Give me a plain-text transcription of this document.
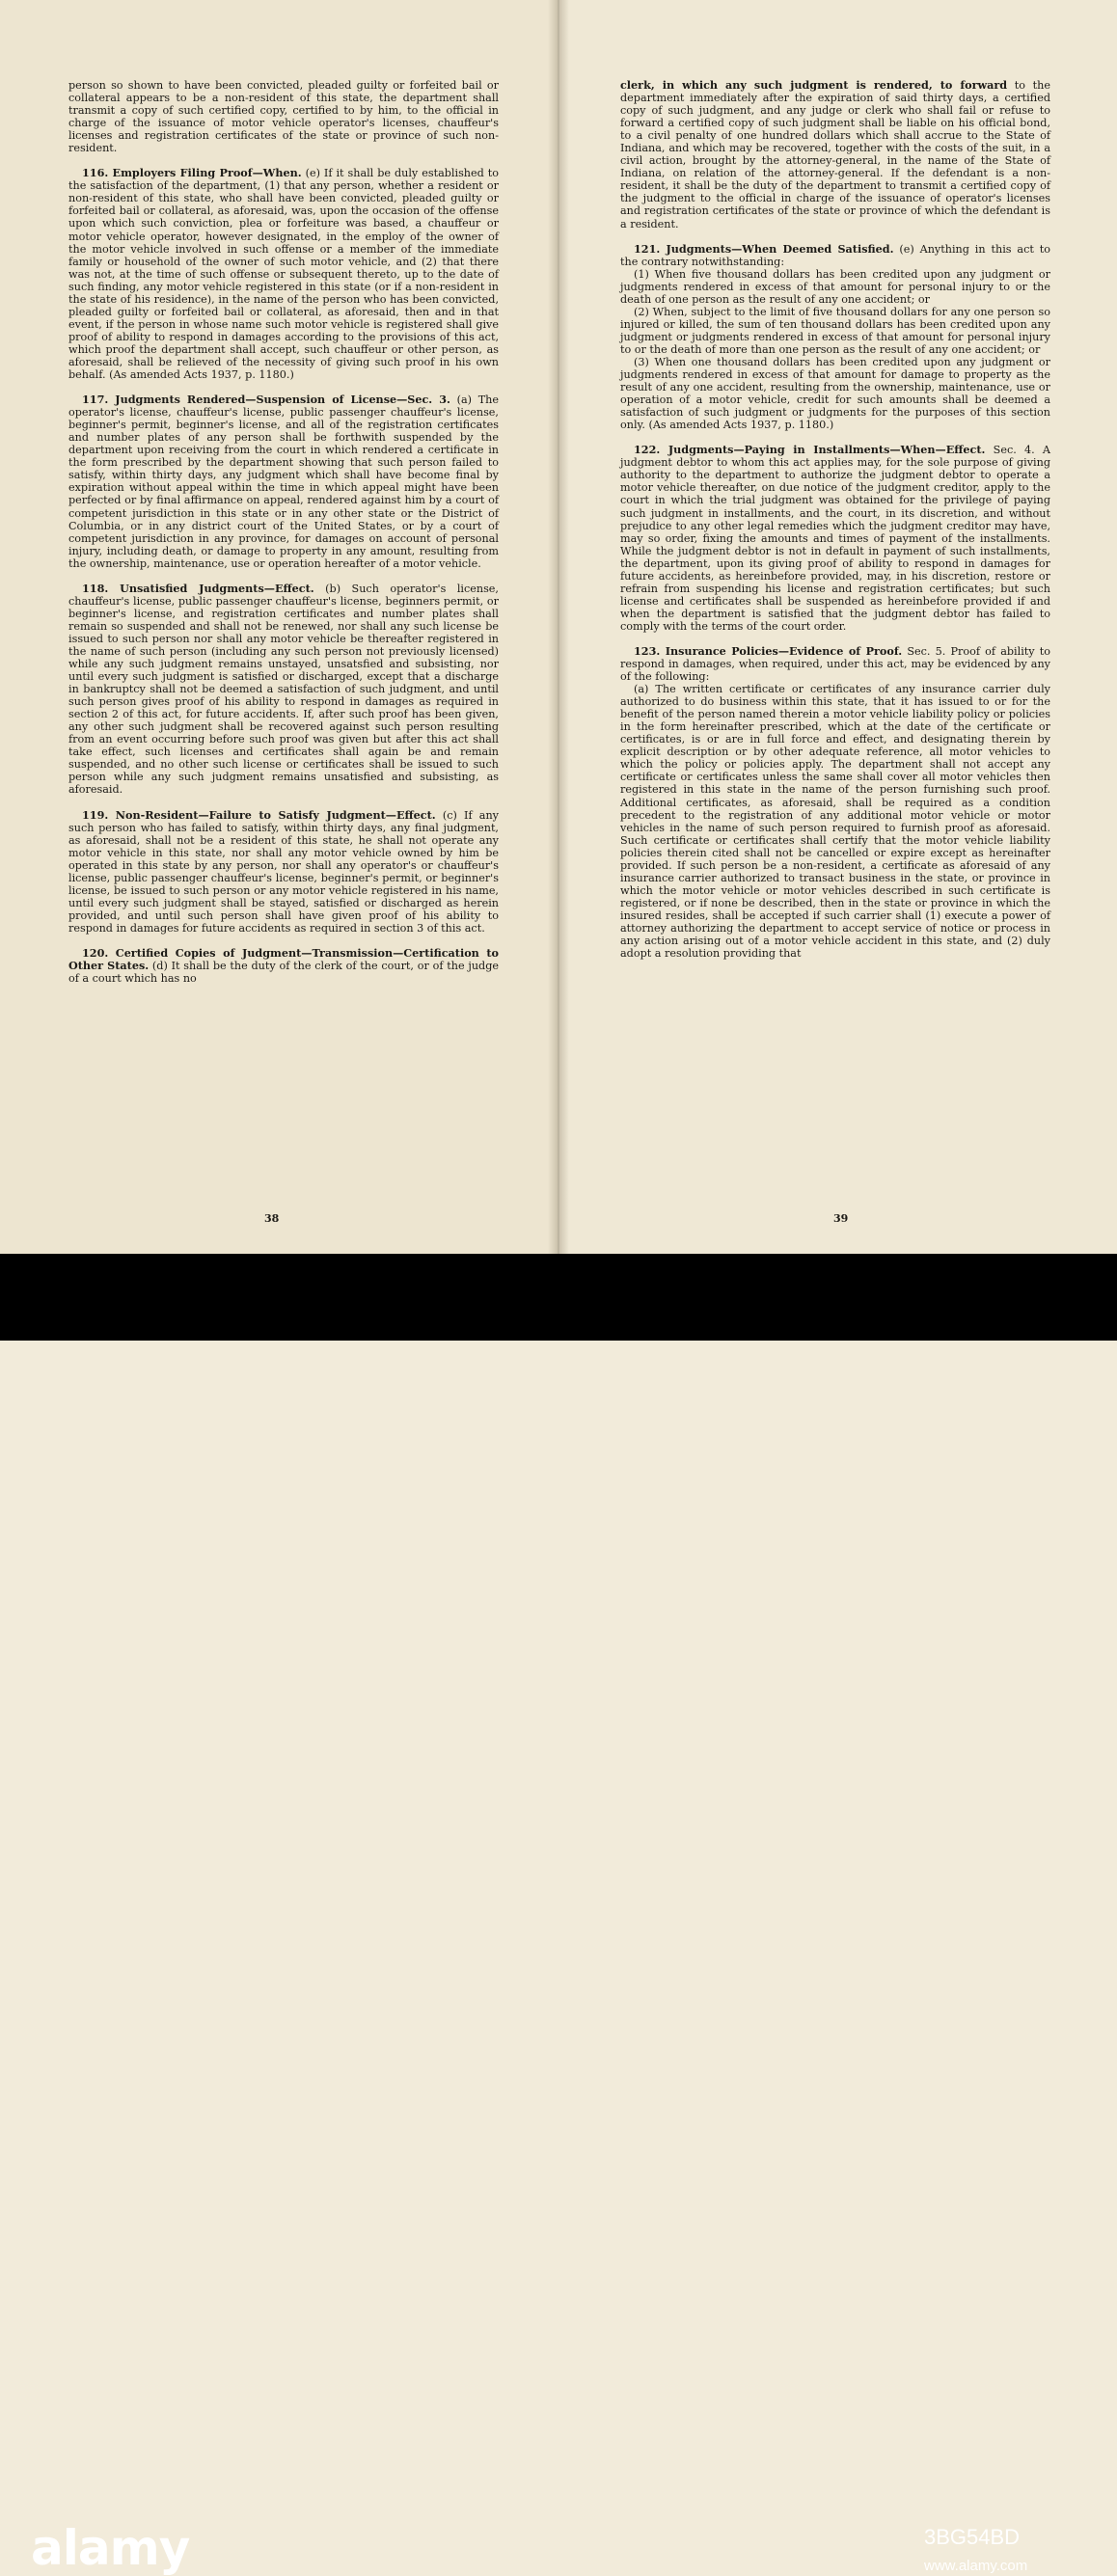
person so shown to have been convicted, pleaded guilty or forfeited bail or collateral appears to be a non-resident of this state, the department shall transmit a copy of such certified copy, certified to by him, to the official in charge of the issuance of motor vehicle operator's licenses, chauffeur's licenses and registration certificates of the state or province of such non-resident.

116. Employers Filing Proof—When. (e) If it shall be duly established to the satisfaction of the department, (1) that any person, whether a resident or non-resident of this state, who shall have been convicted, pleaded guilty or forfeited bail or collateral, as aforesaid, was, upon the occasion of the offense upon which such conviction, plea or forfeiture was based, a chauffeur or motor vehicle operator, however designated, in the employ of the owner of the motor vehicle involved in such offense or a member of the immediate family or household of the owner of such motor vehicle, and (2) that there was not, at the time of such offense or subsequent thereto, up to the date of such finding, any motor vehicle registered in this state (or if a non-resident in the state of his residence), in the name of the person who has been convicted, pleaded guilty or forfeited bail or collateral, as aforesaid, then and in that event, if the person in whose name such motor vehicle is registered shall give proof of ability to respond in damages according to the provisions of this act, which proof the department shall accept, such chauffeur or other person, as aforesaid, shall be relieved of the necessity of giving such proof in his own behalf. (As amended Acts 1937, p. 1180.)

117. Judgments Rendered—Suspension of License—Sec. 3. (a) The operator's license, chauffeur's license, public passenger chauffeur's license, beginner's permit, beginner's license, and all of the registration certificates and number plates of any person shall be forthwith suspended by the department upon receiving from the court in which rendered a certificate in the form prescribed by the department showing that such person failed to satisfy, within thirty days, any judgment which shall have become final by expiration without appeal within the time in which appeal might have been perfected or by final affirmance on appeal, rendered against him by a court of competent jurisdiction in this state or in any other state or the District of Columbia, or in any district court of the United States, or by a court of competent jurisdiction in any province, for damages on account of personal injury, including death, or damage to property in any amount, resulting from the ownership, maintenance, use or operation hereafter of a motor vehicle.

118. Unsatisfied Judgments—Effect. (b) Such operator's license, chauffeur's license, public passenger chauffeur's license, beginners permit, or beginner's license, and registration certificates and number plates shall remain so suspended and shall not be renewed, nor shall any such license be issued to such person nor shall any motor vehicle be thereafter registered in the name of such person (including any such person not previously licensed) while any such judgment remains unstayed, unsatsfied and subsisting, nor until every such judgment is satisfied or discharged, except that a discharge in bankruptcy shall not be deemed a satisfaction of such judgment, and until such person gives proof of his ability to respond in damages as required in section 2 of this act, for future accidents. If, after such proof has been given, any other such judgment shall be recovered against such person resulting from an event occurring before such proof was given but after this act shall take effect, such licenses and certificates shall again be and remain suspended, and no other such license or certificates shall be issued to such person while any such judgment remains unsatisfied and subsisting, as aforesaid.

119. Non-Resident—Failure to Satisfy Judgment—Effect. (c) If any such person who has failed to satisfy, within thirty days, any final judgment, as aforesaid, shall not be a resident of this state, he shall not operate any motor vehicle in this state, nor shall any motor vehicle owned by him be operated in this state by any person, nor shall any operator's or chauffeur's license, public passenger chauffeur's license, beginner's permit, or beginner's license, be issued to such person or any motor vehicle registered in his name, until every such judgment shall be stayed, satisfied or discharged as herein provided, and until such person shall have given proof of his ability to respond in damages for future accidents as required in section 3 of this act.

120. Certified Copies of Judgment—Transmission—Certification to Other States. (d) It shall be the duty of the clerk of the court, or of the judge of a court which has no

38

clerk, in which any such judgment is rendered, to forward to the department immediately after the expiration of said thirty days, a certified copy of such judgment, and any judge or clerk who shall fail or refuse to forward a certified copy of such judgment shall be liable on his official bond, to a civil penalty of one hundred dollars which shall accrue to the State of Indiana, and which may be recovered, together with the costs of the suit, in a civil action, brought by the attorney-general, in the name of the State of Indiana, on relation of the attorney-general. If the defendant is a non-resident, it shall be the duty of the department to transmit a certified copy of the judgment to the official in charge of the issuance of operator's licenses and registration certificates of the state or province of which the defendant is a resident.

121. Judgments—When Deemed Satisfied. (e) Anything in this act to the contrary notwithstanding:

(1) When five thousand dollars has been credited upon any judgment or judgments rendered in excess of that amount for personal injury to or the death of one person as the result of any one accident; or

(2) When, subject to the limit of five thousand dollars for any one person so injured or killed, the sum of ten thousand dollars has been credited upon any judgment or judgments rendered in excess of that amount for personal injury to or the death of more than one person as the result of any one accident; or

(3) When one thousand dollars has been credited upon any judgment or judgments rendered in excess of that amount for damage to property as the result of any one accident, resulting from the ownership, maintenance, use or operation of a motor vehicle, credit for such amounts shall be deemed a satisfaction of such judgment or judgments for the purposes of this section only. (As amended Acts 1937, p. 1180.)

122. Judgments—Paying in Installments—When—Effect. Sec. 4. A judgment debtor to whom this act applies may, for the sole purpose of giving authority to the department to authorize the judgment debtor to operate a motor vehicle thereafter, on due notice of the judgment creditor, apply to the court in which the trial judgment was obtained for the privilege of paying such judgment in installments, and the court, in its discretion, and without prejudice to any other legal remedies which the judgment creditor may have, may so order, fixing the amounts and times of payment of the installments. While the judgment debtor is not in default in payment of such installments, the department, upon its giving proof of ability to respond in damages for future accidents, as hereinbefore provided, may, in his discretion, restore or refrain from suspending his license and registration certificates; but such license and certificates shall be suspended as hereinbefore provided if and when the department is satisfied that the judgment debtor has failed to comply with the terms of the court order.

123. Insurance Policies—Evidence of Proof. Sec. 5. Proof of ability to respond in damages, when required, under this act, may be evidenced by any of the following:

(a) The written certificate or certificates of any insurance carrier duly authorized to do business within this state, that it has issued to or for the benefit of the person named therein a motor vehicle liability policy or policies in the form hereinafter prescribed, which at the date of the certificate or certificates, is or are in full force and effect, and designating therein by explicit description or by other adequate reference, all motor vehicles to which the policy or policies apply. The department shall not accept any certificate or certificates unless the same shall cover all motor vehicles then registered in this state in the name of the person furnishing such proof. Additional certificates, as aforesaid, shall be required as a condition precedent to the registration of any additional motor vehicle or motor vehicles in the name of such person required to furnish proof as aforesaid. Such certificate or certificates shall certify that the motor vehicle liability policies therein cited shall not be cancelled or expire except as hereinafter provided. If such person be a non-resident, a certificate as aforesaid of any insurance carrier authorized to transact business in the state, or province in which the motor vehicle or motor vehicles described in such certificate is registered, or if none be described, then in the state or province in which the insured resides, shall be accepted if such carrier shall (1) execute a power of attorney authorizing the department to accept service of notice or process in any action arising out of a motor vehicle accident in this state, and (2) duly adopt a resolution providing that

39
alamy	3BG54BD
www.alamy.com
